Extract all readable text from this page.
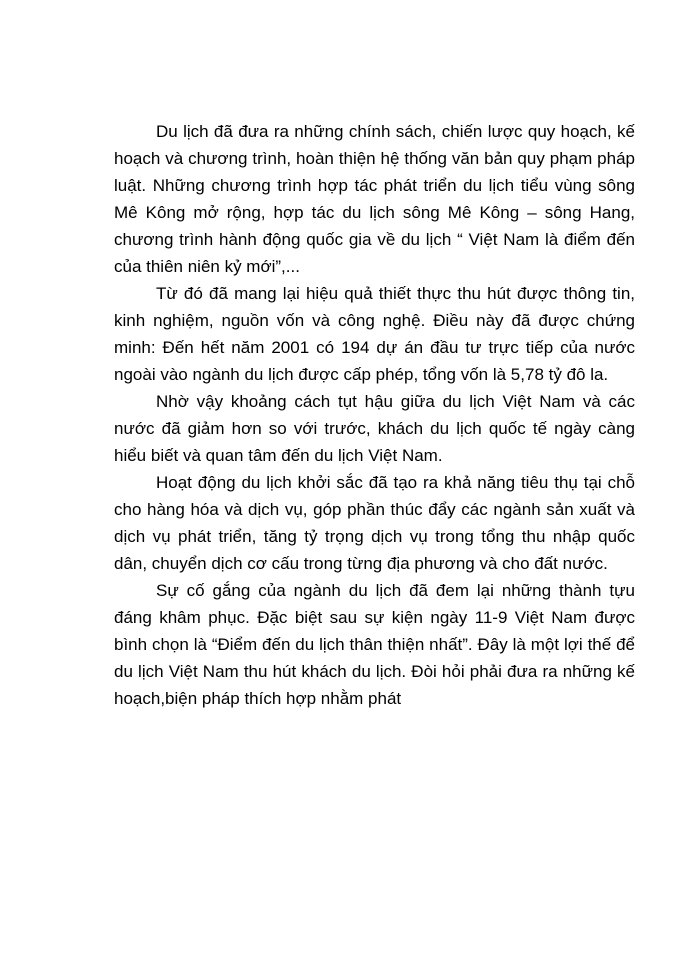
Du lịch đã đưa ra những chính sách, chiến lược quy hoạch, kế hoạch và chương trình, hoàn thiện hệ thống văn bản quy phạm pháp luật. Những chương trình hợp tác phát triển du lịch tiểu vùng sông Mê Kông mở rộng, hợp tác du lịch sông Mê Kông – sông Hang, chương trình hành động quốc gia về du lịch “ Việt Nam là điểm đến của thiên niên kỷ mới”,...

Từ đó đã mang lại hiệu quả thiết thực thu hút được thông tin, kinh nghiệm, nguồn vốn và công nghệ. Điều này đã được chứng minh: Đến hết năm 2001 có 194 dự án đầu tư trực tiếp của nước ngoài vào ngành du lịch được cấp phép, tổng vốn là 5,78 tỷ đô la.

Nhờ vậy khoảng cách tụt hậu giữa du lịch Việt Nam và các nước đã giảm hơn so với trước, khách du lịch quốc tế ngày càng hiểu biết và quan tâm đến du lịch Việt Nam.

Hoạt động du lịch khởi sắc đã tạo ra khả năng tiêu thụ tại chỗ cho hàng hóa và dịch vụ, góp phần thúc đẩy các ngành sản xuất và dịch vụ phát triển, tăng tỷ trọng dịch vụ trong tổng thu nhập quốc dân, chuyển dịch cơ cấu trong từng địa phương và cho đất nước.

Sự cố gắng của ngành du lịch đã đem lại những thành tựu đáng khâm phục. Đặc biệt sau sự kiện ngày 11-9 Việt Nam được bình chọn là “Điểm đến du lịch thân thiện nhất”. Đây là một lợi thế để du lịch Việt Nam thu hút khách du lịch. Đòi hỏi phải đưa ra những kế hoạch,biện pháp thích hợp nhằm phát
